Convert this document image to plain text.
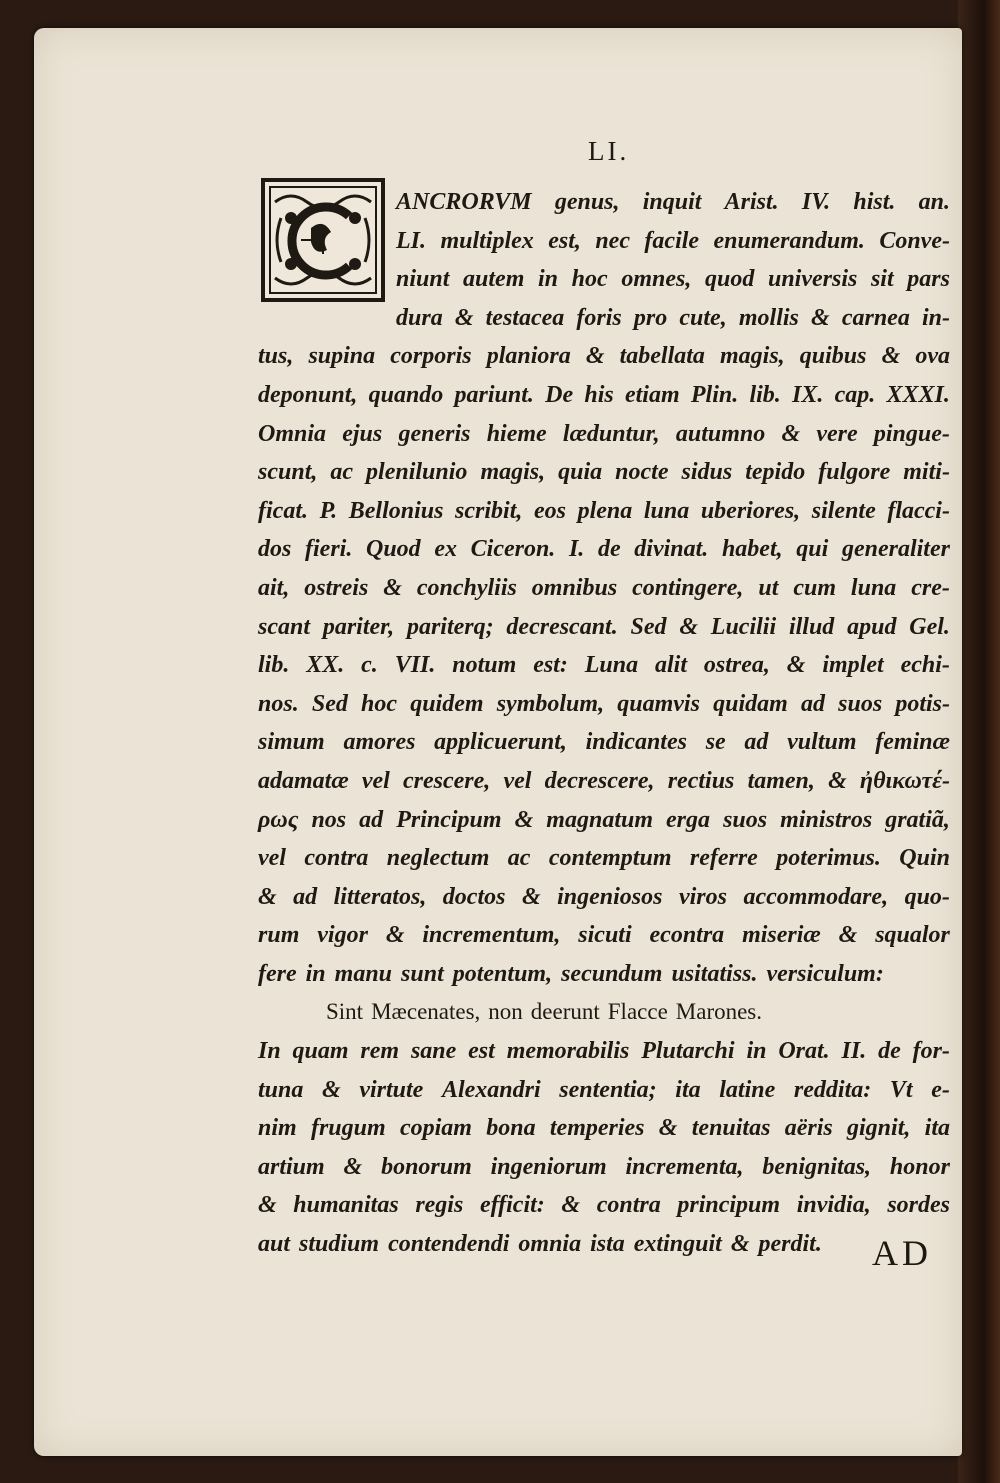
LI.
ANCRORVM genus, inquit Arist. IV. hist. an.
LI. multiplex est, nec facile enumerandum. Conve-
niunt autem in hoc omnes, quod universis sit pars
dura & testacea foris pro cute, mollis & carnea in-
tus, supina corporis planiora & tabellata magis, quibus & ova
deponunt, quando pariunt. De his etiam Plin. lib. IX. cap. XXXI.
Omnia ejus generis hieme læduntur, autumno & vere pingue-
scunt, ac plenilunio magis, quia nocte sidus tepido fulgore miti-
ficat. P. Bellonius scribit, eos plena luna uberiores, silente flacci-
dos fieri. Quod ex Ciceron. I. de divinat. habet, qui generaliter
ait, ostreis & conchyliis omnibus contingere, ut cum luna cre-
scant pariter, pariterq; decrescant. Sed & Lucilii illud apud Gel.
lib. XX. c. VII. notum est: Luna alit ostrea, & implet echi-
nos. Sed hoc quidem symbolum, quamvis quidam ad suos potis-
simum amores applicuerunt, indicantes se ad vultum feminæ
adamatæ vel crescere, vel decrescere, rectius tamen, & ἠθικωτέ-
ρως nos ad Principum & magnatum erga suos ministros gratiã,
vel contra neglectum ac contemptum referre poterimus. Quin
& ad litteratos, doctos & ingeniosos viros accommodare, quo-
rum vigor & incrementum, sicuti econtra miseriæ & squalor
fere in manu sunt potentum, secundum usitatiss. versiculum:
Sint Mæcenates, non deerunt Flacce Marones.
In quam rem sane est memorabilis Plutarchi in Orat. II. de for-
tuna & virtute Alexandri sententia; ita latine reddita: Vt e-
nim frugum copiam bona temperies & tenuitas aëris gignit, ita
artium & bonorum ingeniorum incrementa, benignitas, honor
& humanitas regis efficit: & contra principum invidia, sordes
aut studium contendendi omnia ista extinguit & perdit. AD
